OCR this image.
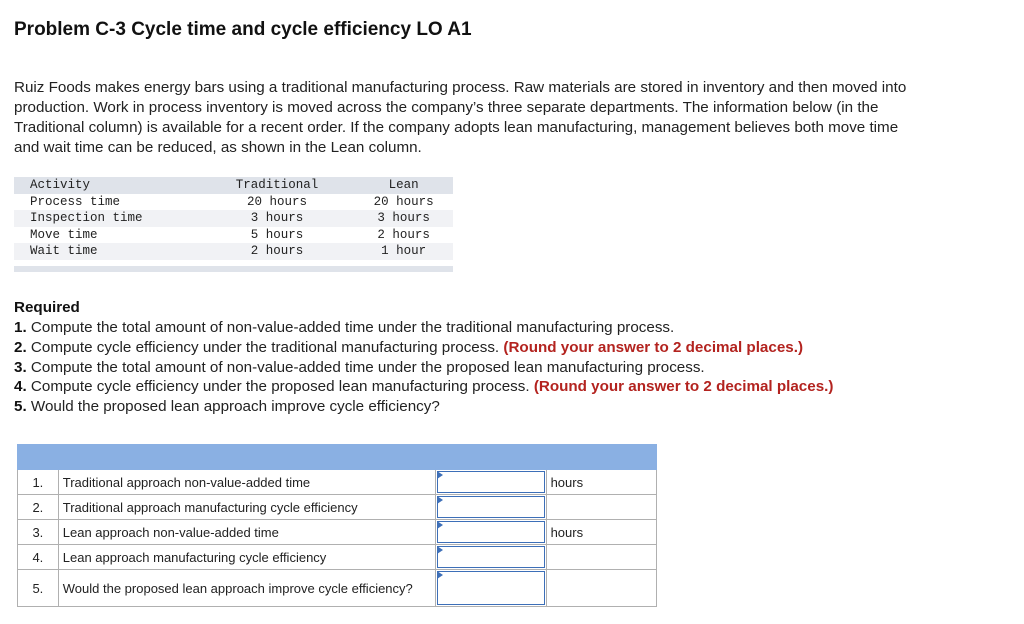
Problem C-3 Cycle time and cycle efficiency LO A1
Ruiz Foods makes energy bars using a traditional manufacturing process. Raw materials are stored in inventory and then moved into
production. Work in process inventory is moved across the company’s three separate departments. The information below (in the
Traditional column) is available for a recent order. If the company adopts lean manufacturing, management believes both move time
and wait time can be reduced, as shown in the Lean column.
Activity	Traditional	Lean
Process time	20 hours	20 hours
Inspection time	3 hours	3 hours
Move time	5 hours	2 hours
Wait time	2 hours	1 hour
Required
1. Compute the total amount of non-value-added time under the traditional manufacturing process.
2. Compute cycle efficiency under the traditional manufacturing process. (Round your answer to 2 decimal places.)
3. Compute the total amount of non-value-added time under the proposed lean manufacturing process.
4. Compute cycle efficiency under the proposed lean manufacturing process. (Round your answer to 2 decimal places.)
5. Would the proposed lean approach improve cycle efficiency?

1.	Traditional approach non-value-added time		hours
2.	Traditional approach manufacturing cycle efficiency	

3.	Lean approach non-value-added time		hours
4.	Lean approach manufacturing cycle efficiency	

5.	Would the proposed lean approach improve cycle efficiency?	
